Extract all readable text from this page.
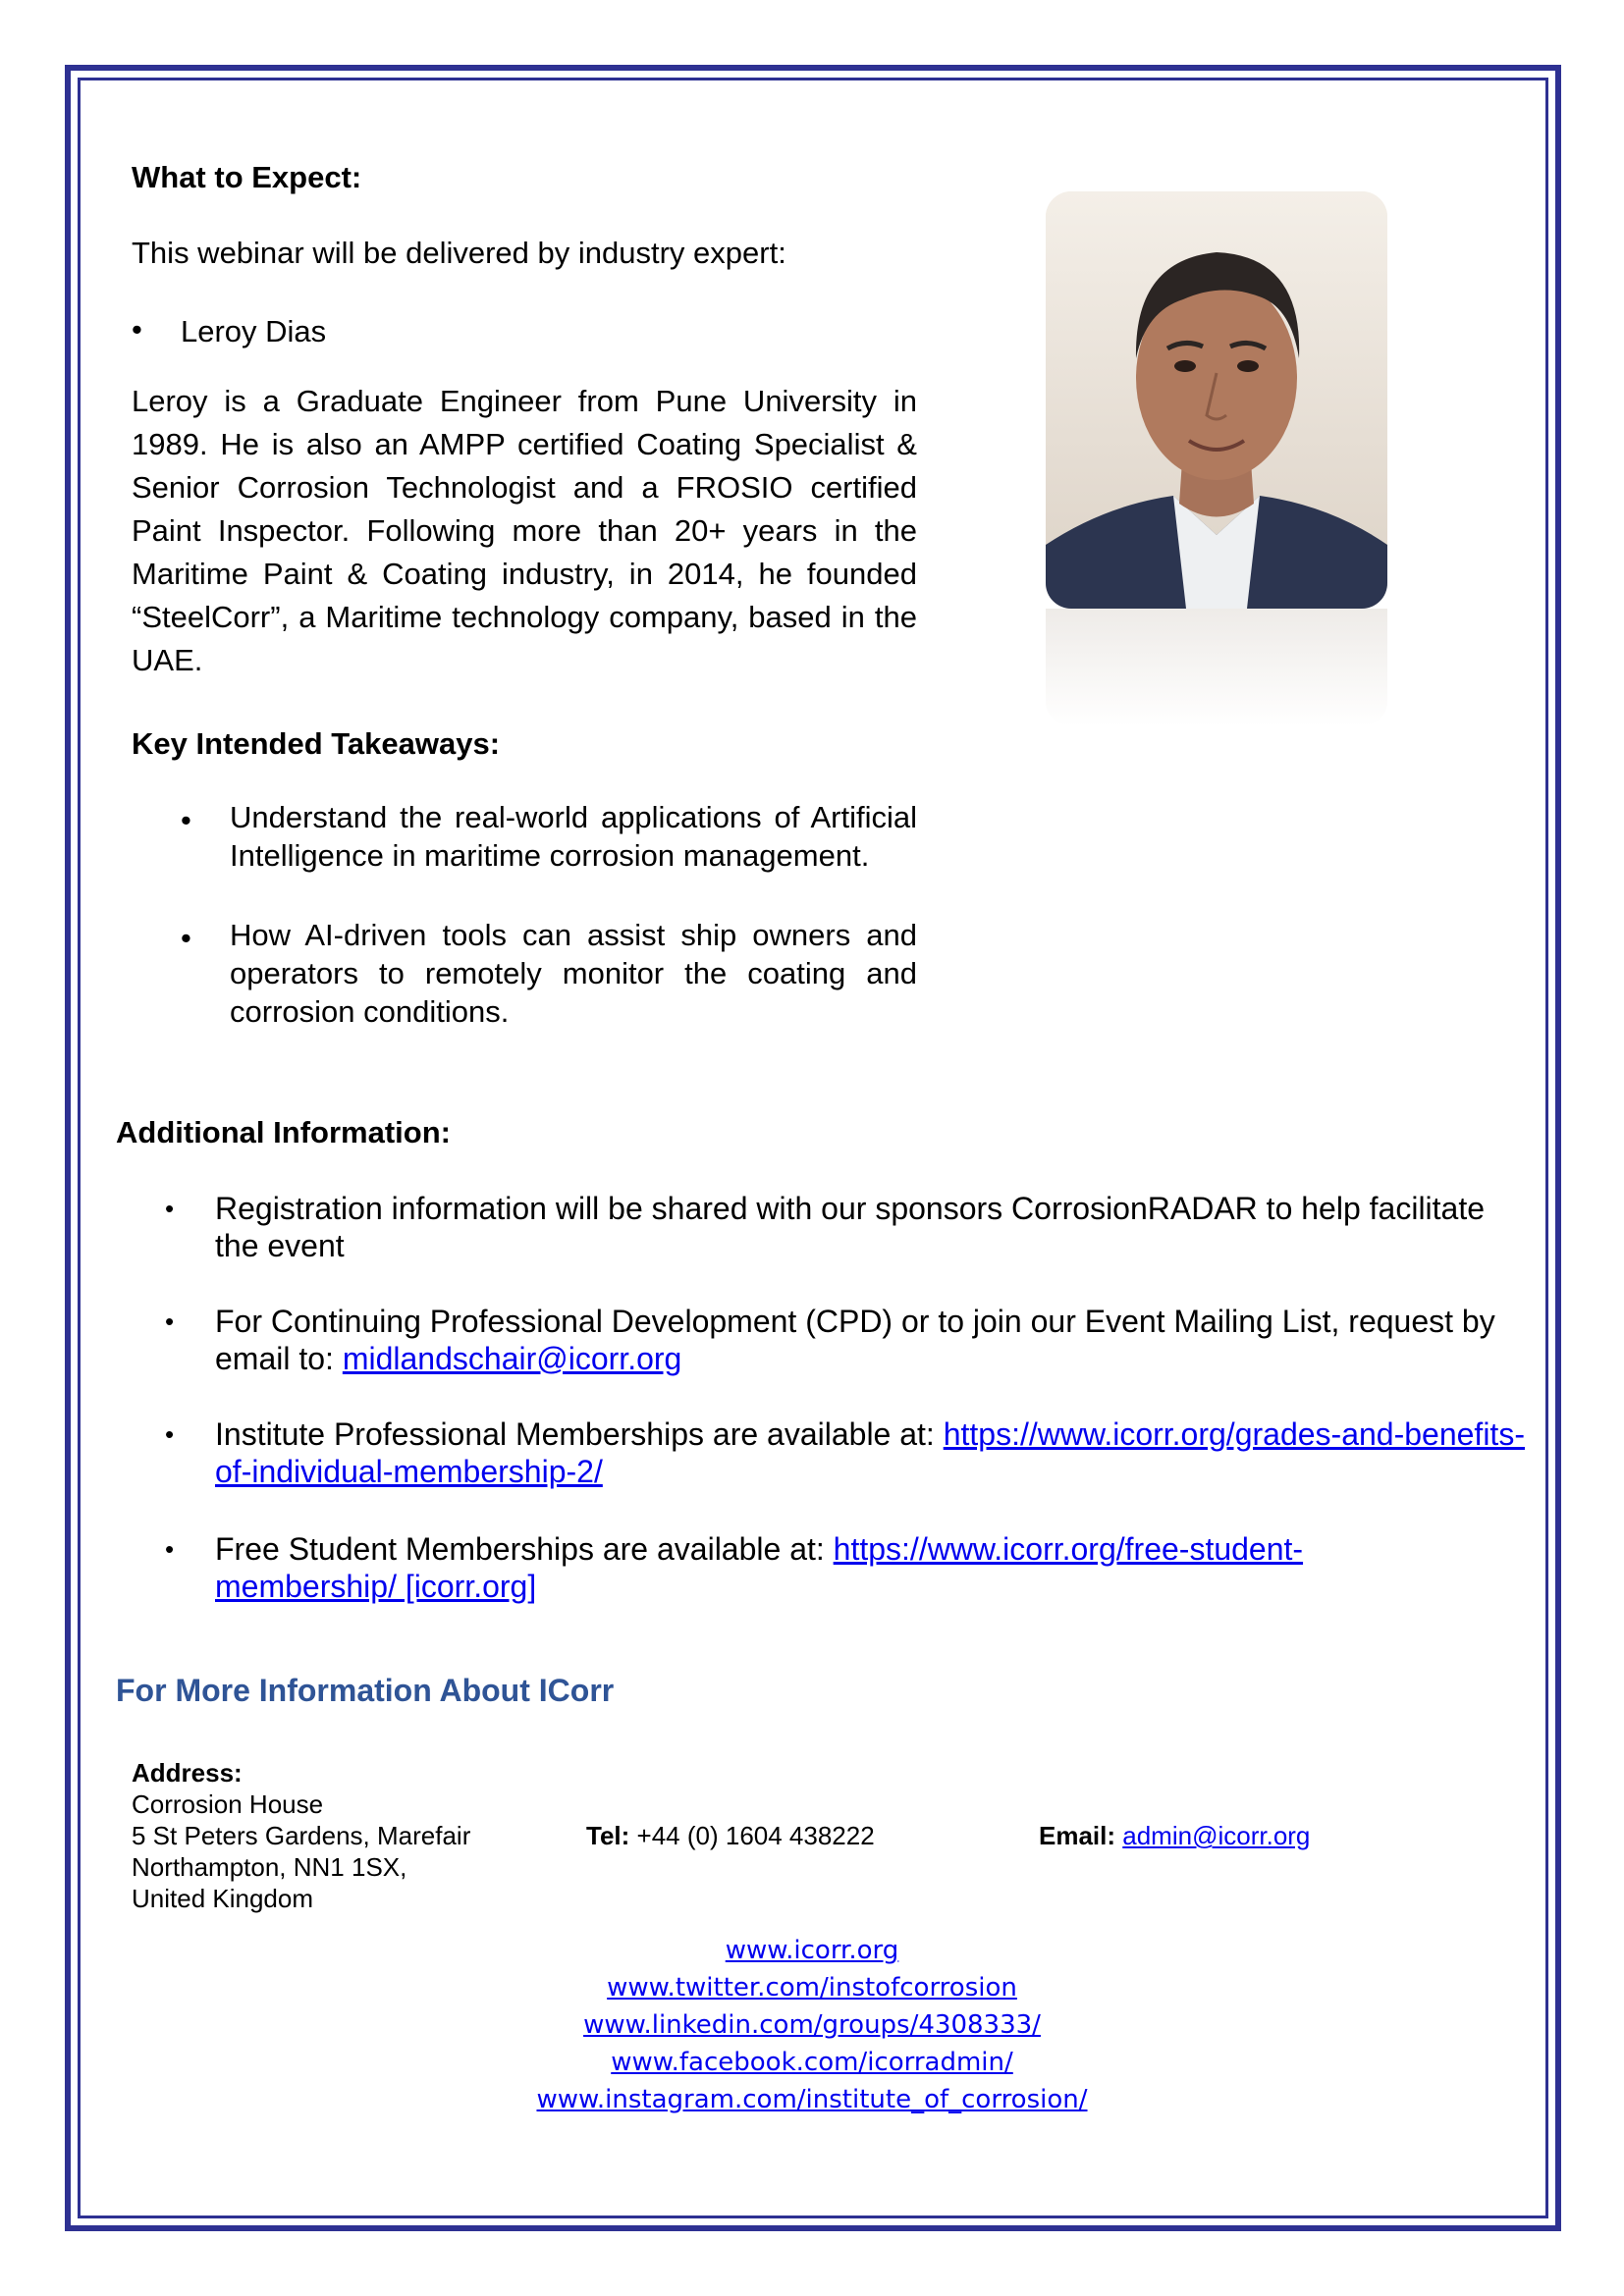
What to Expect:
This webinar will be delivered by industry expert:
• Leroy Dias
Leroy is a Graduate Engineer from Pune University in 1989. He is also an AMPP certified Coating Specialist & Senior Corrosion Technologist and a FROSIO certified Paint Inspector. Following more than 20+ years in the Maritime Paint & Coating industry, in 2014, he founded “SteelCorr”, a Maritime technology company, based in the UAE.
Key Intended Takeaways:
• Understand the real-world applications of Artificial Intelligence in maritime corrosion management.
• How AI-driven tools can assist ship owners and operators to remotely monitor the coating and corrosion conditions.
Additional Information:
• Registration information will be shared with our sponsors CorrosionRADAR to help facilitate the event
• For Continuing Professional Development (CPD) or to join our Event Mailing List, request by email to: midlandschair@icorr.org
• Institute Professional Memberships are available at: https://www.icorr.org/grades-and-benefits-of-individual-membership-2/
• Free Student Memberships are available at: https://www.icorr.org/free-student-membership/ [icorr.org]
For More Information About ICorr
Address:
Corrosion House
5 St Peters Gardens, Marefair
Northampton, NN1 1SX,
United Kingdom
Tel: +44 (0) 1604 438222	Email: admin@icorr.org
www.icorr.org
www.twitter.com/instofcorrosion
www.linkedin.com/groups/4308333/
www.facebook.com/icorradmin/
www.instagram.com/institute_of_corrosion/
